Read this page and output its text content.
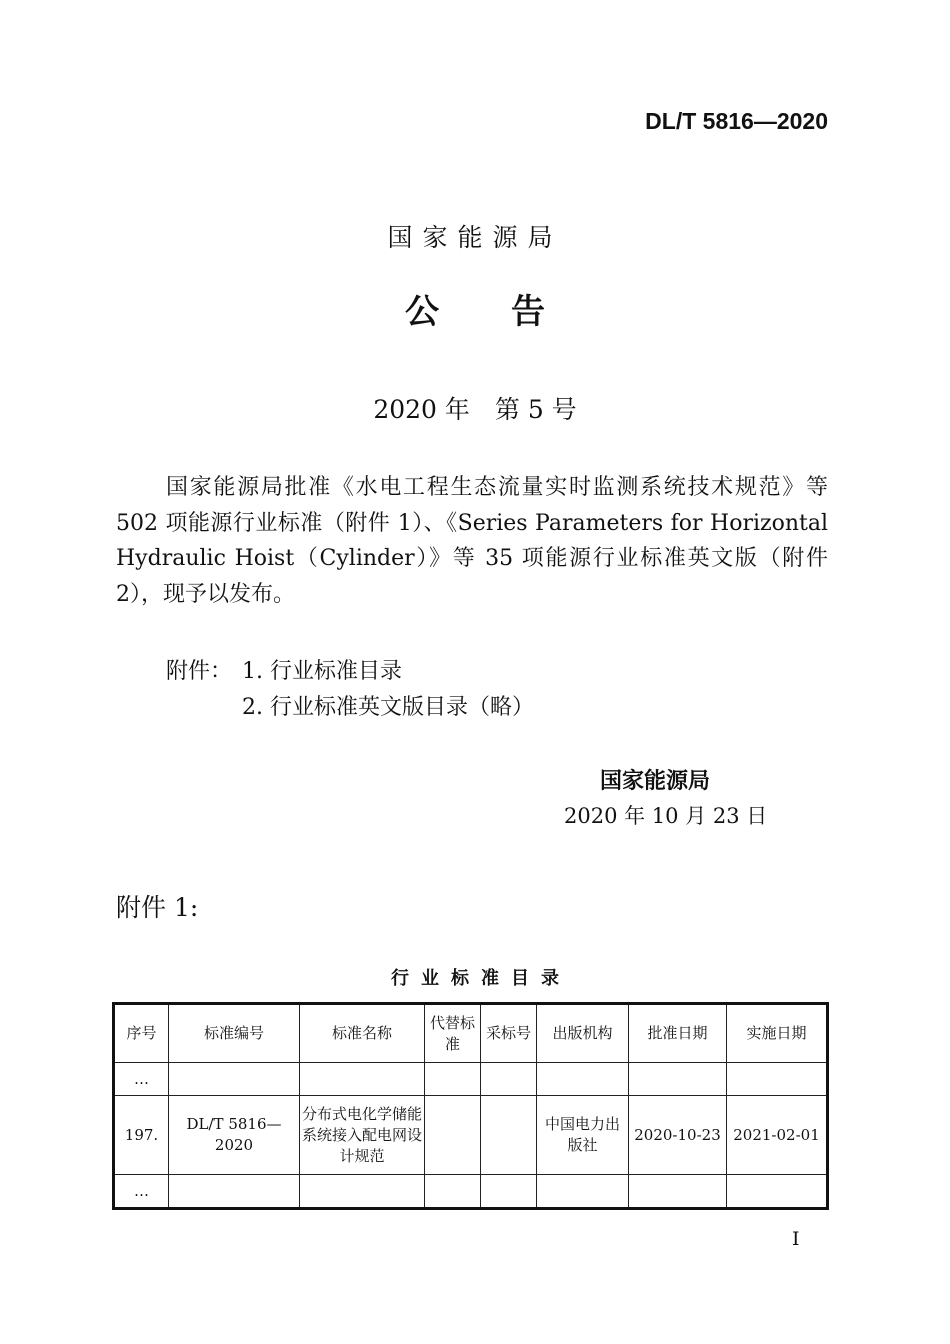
DL/T 5816—2020
国家能源局
公告
2020 年　第 5 号
国家能源局批准《水电工程生态流量实时监测系统技术规范》等 502 项能源行业标准（附件 1）、《Series Parameters for Horizontal Hydraulic Hoist（Cylinder）》等 35 项能源行业标准英文版（附件 2），现予以发布。
附件： 1. 行业标准目录
2. 行业标准英文版目录（略）
国家能源局
2020 年 10 月 23 日
附件 1:
行业标准目录
序号	标准编号	标准名称	代替标准	采标号	出版机构	批准日期	实施日期
…							
197.	DL/T 5816—2020	分布式电化学储能系统接入配电网设计规范			中国电力出版社	2020-10-23	2021-02-01
…							
I
